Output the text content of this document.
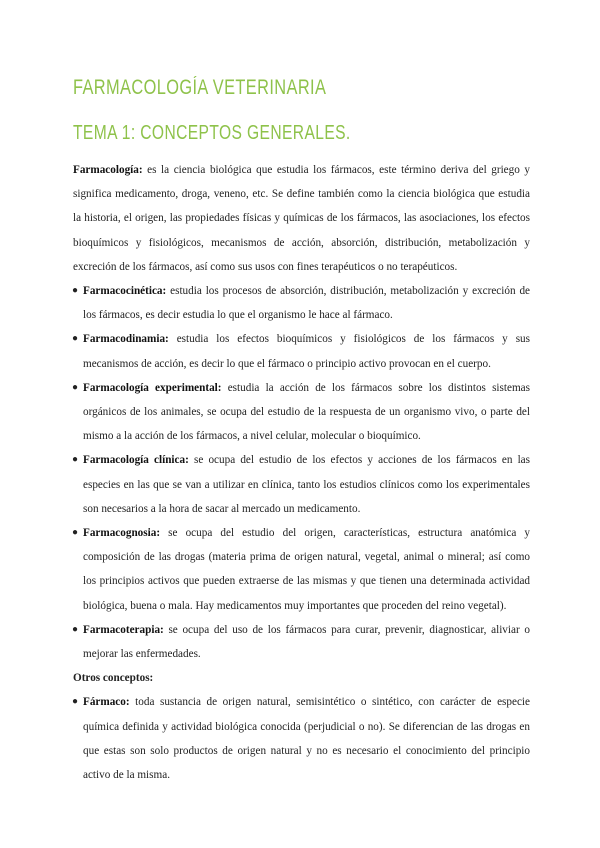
FARMACOLOGÍA VETERINARIA
TEMA 1: CONCEPTOS GENERALES.

Farmacología: es la ciencia biológica que estudia los fármacos, este término deriva del griego y significa medicamento, droga, veneno, etc. Se define también como la ciencia biológica que estudia la historia, el origen, las propiedades físicas y químicas de los fármacos, las asociaciones, los efectos bioquímicos y fisiológicos, mecanismos de acción, absorción, distribución, metabolización y excreción de los fármacos, así como sus usos con fines terapéuticos o no terapéuticos.

● Farmacocinética: estudia los procesos de absorción, distribución, metabolización y excreción de los fármacos, es decir estudia lo que el organismo le hace al fármaco.

● Farmacodinamia: estudia los efectos bioquímicos y fisiológicos de los fármacos y sus mecanismos de acción, es decir lo que el fármaco o principio activo provocan en el cuerpo.

● Farmacología experimental: estudia la acción de los fármacos sobre los distintos sistemas orgánicos de los animales, se ocupa del estudio de la respuesta de un organismo vivo, o parte del mismo a la acción de los fármacos, a nivel celular, molecular o bioquímico.

● Farmacología clínica: se ocupa del estudio de los efectos y acciones de los fármacos en las especies en las que se van a utilizar en clínica, tanto los estudios clínicos como los experimentales son necesarios a la hora de sacar al mercado un medicamento.

● Farmacognosia: se ocupa del estudio del origen, características, estructura anatómica y composición de las drogas (materia prima de origen natural, vegetal, animal o mineral; así como los principios activos que pueden extraerse de las mismas y que tienen una determinada actividad biológica, buena o mala. Hay medicamentos muy importantes que proceden del reino vegetal).

● Farmacoterapia: se ocupa del uso de los fármacos para curar, prevenir, diagnosticar, aliviar o mejorar las enfermedades.

Otros conceptos:

● Fármaco: toda sustancia de origen natural, semisintético o sintético, con carácter de especie química definida y actividad biológica conocida (perjudicial o no). Se diferencian de las drogas en que estas son solo productos de origen natural y no es necesario el conocimiento del principio activo de la misma.
